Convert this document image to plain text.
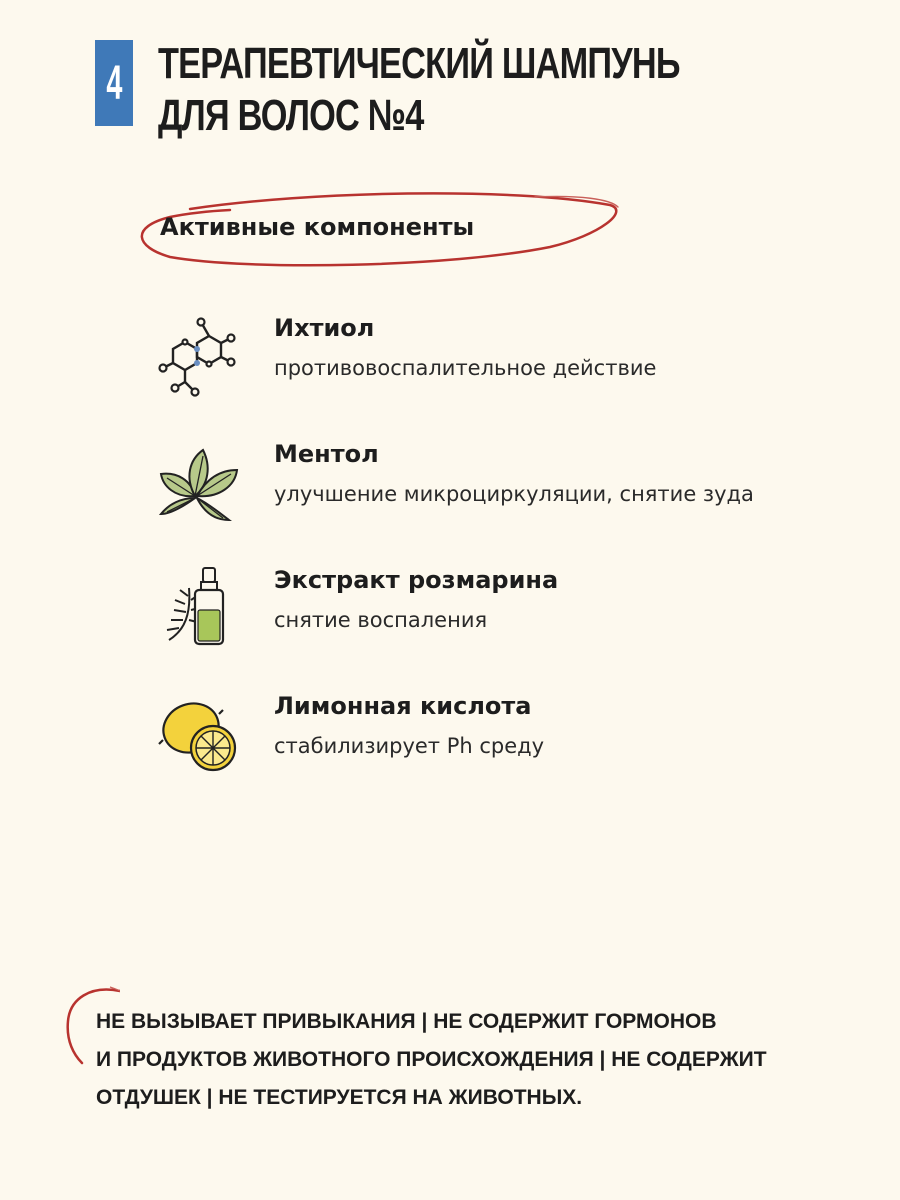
4 ТЕРАПЕВТИЧЕСКИЙ ШАМПУНЬ
ДЛЯ ВОЛОС №4
Активные компоненты
Ихтиол
противовоспалительное действие
Ментол
улучшение микроциркуляции, снятие зуда
Экстракт розмарина
снятие воспаления
Лимонная кислота
стабилизирует Ph среду
НЕ ВЫЗЫВАЕТ ПРИВЫКАНИЯ | НЕ СОДЕРЖИТ ГОРМОНОВ
И ПРОДУКТОВ ЖИВОТНОГО ПРОИСХОЖДЕНИЯ | НЕ СОДЕРЖИТ
ОТДУШЕК | НЕ ТЕСТИРУЕТСЯ НА ЖИВОТНЫХ.
